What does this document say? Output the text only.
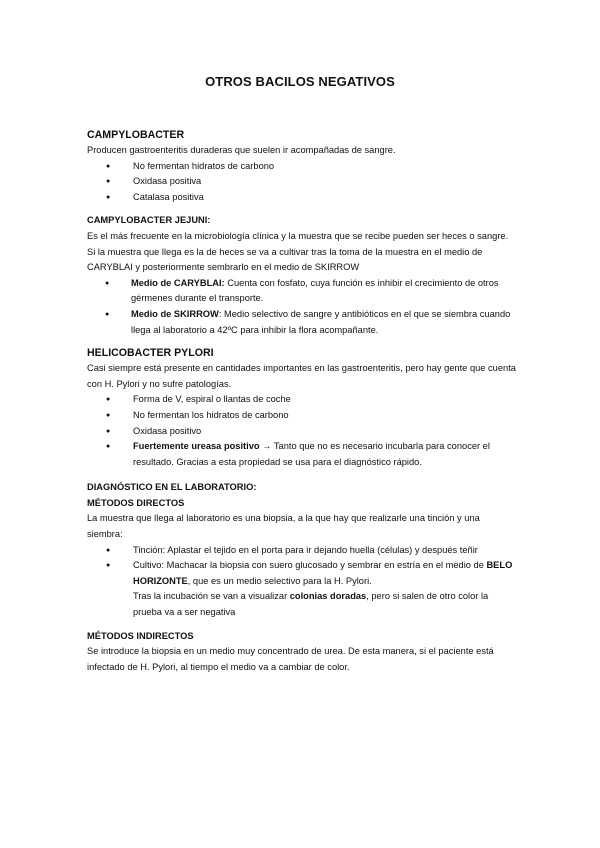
OTROS BACILOS NEGATIVOS
CAMPYLOBACTER

Producen gastroenteritis duraderas que suelen ir acompañadas de sangre.

● No fermentan hidratos de carbono
● Oxidasa positiva
● Catalasa positiva
CAMPYLOBACTER JEJUNI:

Es el más frecuente en la microbiología clínica y la muestra que se recibe pueden ser heces o sangre. Si la muestra que llega es la de heces se va a cultivar tras la toma de la muestra en el medio de CARYBLAI y posteriormente sembrarlo en el medio de SKIRROW

● Medio de CARYBLAI: Cuenta con fosfato, cuya función es inhibir el crecimiento de otros gérmenes durante el transporte.
● Medio de SKIRROW: Medio selectivo de sangre y antibióticos en el que se siembra cuando llega al laboratorio a 42ºC para inhibir la flora acompañante.
HELICOBACTER PYLORI

Casi siempre está presente en cantidades importantes en las gastroenteritis, pero hay gente que cuenta con H. Pylori y no sufre patologías.

● Forma de V, espiral o llantas de coche
● No fermentan los hidratos de carbono
● Oxidasa positivo
● Fuertemente ureasa positivo → Tanto que no es necesario incubarla para conocer el resultado. Gracias a esta propiedad se usa para el diagnóstico rápido.
DIAGNÓSTICO EN EL LABORATORIO:
MÉTODOS DIRECTOS

La muestra que llega al laboratorio es una biopsia, a la que hay que realizarle una tinción y una siembra:

● Tinción: Aplastar el tejido en el porta para ir dejando huella (células) y después teñir
● Cultivo: Machacar la biopsia con suero glucosado y sembrar en estría en el medio de BELO HORIZONTE, que es un medio selectivo para la H. Pylori.

Tras la incubación se van a visualizar colonias doradas, pero si salen de otro color la prueba va a ser negativa

MÉTODOS INDIRECTOS

Se introduce la biopsia en un medio muy concentrado de urea. De esta manera, si el paciente está infectado de H. Pylori, al tiempo el medio va a cambiar de color.
